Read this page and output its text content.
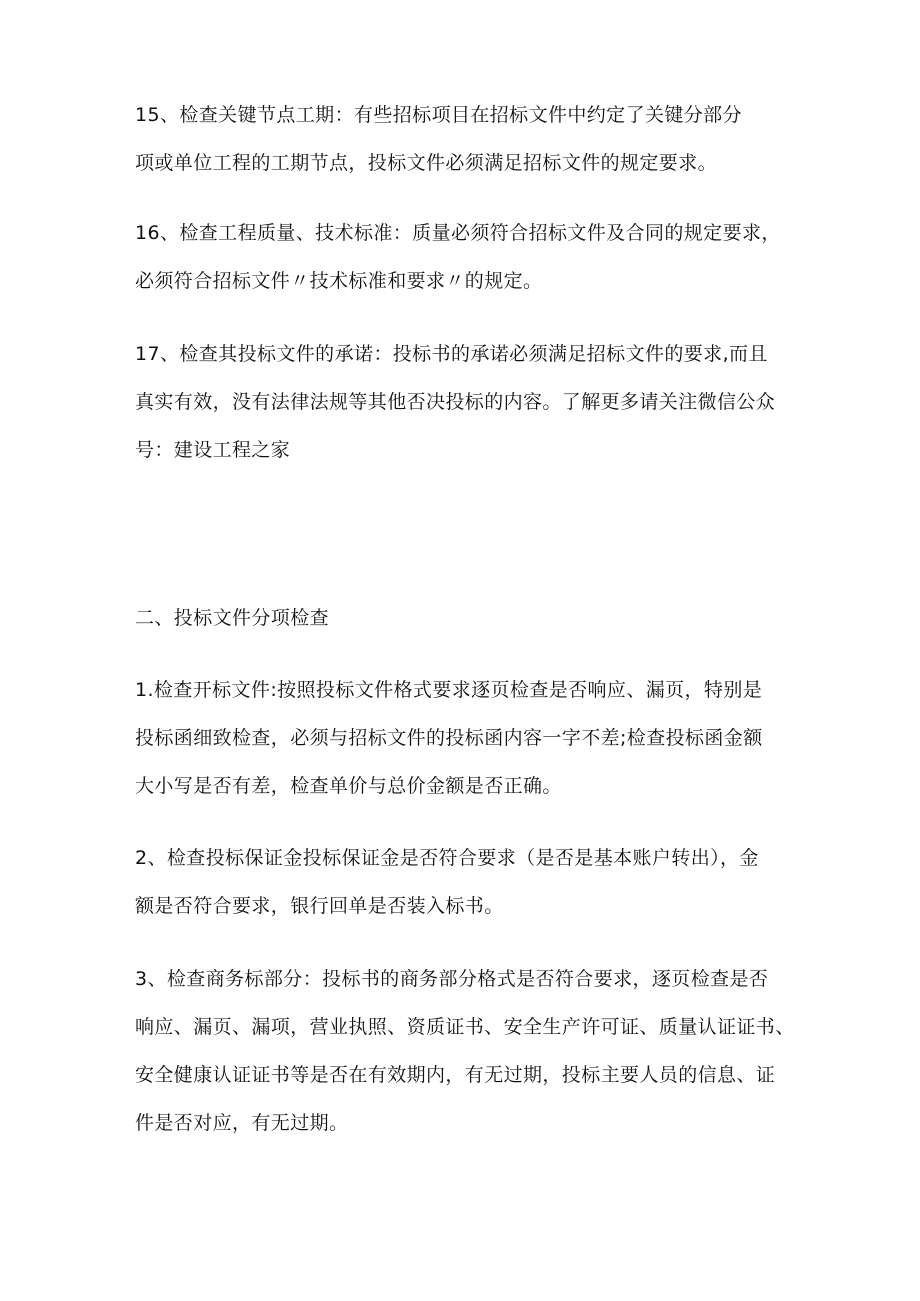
15、检查关键节点工期：有些招标项目在招标文件中约定了关键分部分
项或单位工程的工期节点，投标文件必须满足招标文件的规定要求。

16、检查工程质量、技术标准：质量必须符合招标文件及合同的规定要求，
必须符合招标文件〃技术标准和要求〃的规定。

17、检查其投标文件的承诺：投标书的承诺必须满足招标文件的要求,而且
真实有效，没有法律法规等其他否决投标的内容。了解更多请关注微信公众
号：建设工程之家

二、投标文件分项检查

1.检查开标文件:按照投标文件格式要求逐页检查是否响应、漏页，特别是
投标函细致检查，必须与招标文件的投标函内容一字不差;检查投标函金额
大小写是否有差，检查单价与总价金额是否正确。

2、检查投标保证金投标保证金是否符合要求（是否是基本账户转出），金
额是否符合要求，银行回单是否装入标书。

3、检查商务标部分：投标书的商务部分格式是否符合要求，逐页检查是否
响应、漏页、漏项，营业执照、资质证书、安全生产许可证、质量认证证书、
安全健康认证证书等是否在有效期内，有无过期，投标主要人员的信息、证
件是否对应，有无过期。
